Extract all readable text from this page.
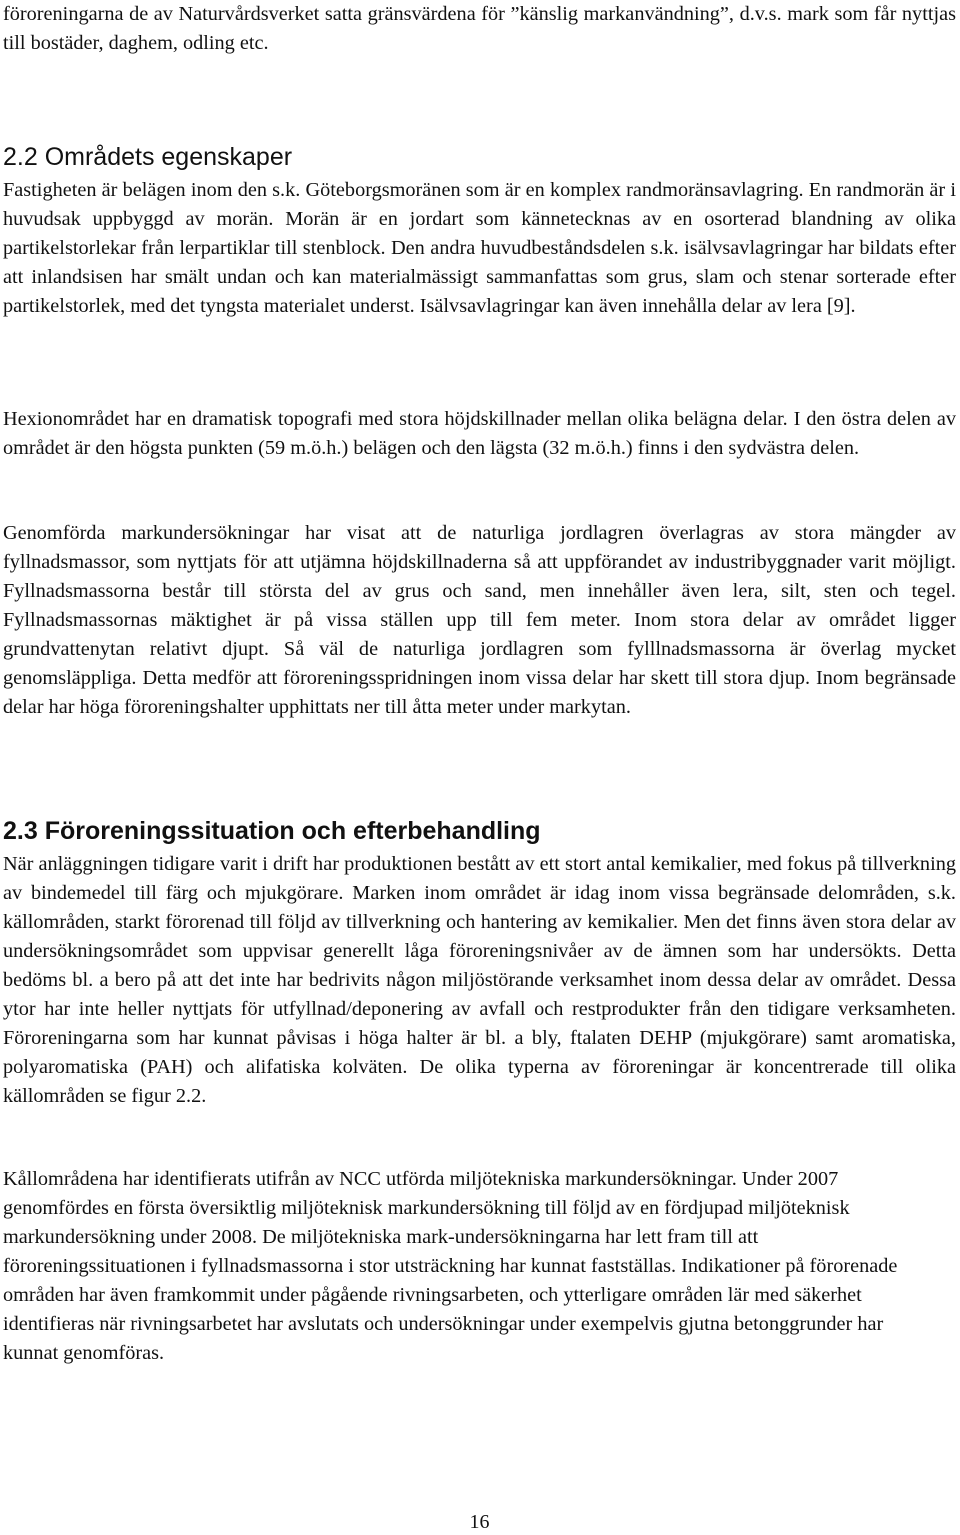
föroreningarna de av Naturvårdsverket satta gränsvärdena för ”känslig markanvändning”, d.v.s. mark som får nyttjas till bostäder, daghem, odling etc.

2.2 Områdets egenskaper

Fastigheten är belägen inom den s.k. Göteborgsmoränen som är en komplex randmoränsavlagring. En randmorän är i huvudsak uppbyggd av morän. Morän är en jordart som kännetecknas av en osorterad blandning av olika partikelstorlekar från lerpartiklar till stenblock. Den andra huvudbeståndsdelen s.k. isälvsavlagringar har bildats efter att inlandsisen har smält undan och kan materialmässigt sammanfattas som grus, slam och stenar sorterade efter partikelstorlek, med det tyngsta materialet underst. Isälvsavlagringar kan även innehålla delar av lera [9].

Hexionområdet har en dramatisk topografi med stora höjdskillnader mellan olika belägna delar. I den östra delen av området är den högsta punkten (59 m.ö.h.) belägen och den lägsta (32 m.ö.h.) finns i den sydvästra delen.

Genomförda markundersökningar har visat att de naturliga jordlagren överlagras av stora mängder av fyllnadsmassor, som nyttjats för att utjämna höjdskillnaderna så att uppförandet av industribyggnader varit möjligt. Fyllnadsmassorna består till största del av grus och sand, men innehåller även lera, silt, sten och tegel. Fyllnadsmassornas mäktighet är på vissa ställen upp till fem meter. Inom stora delar av området ligger grundvattenytan relativt djupt. Så väl de naturliga jordlagren som fylllnadsmassorna är överlag mycket genomsläppliga. Detta medför att föroreningsspridningen inom vissa delar har skett till stora djup. Inom begränsade delar har höga föroreningshalter upphittats ner till åtta meter under markytan.

2.3 Föroreningssituation och efterbehandling

När anläggningen tidigare varit i drift har produktionen bestått av ett stort antal kemikalier, med fokus på tillverkning av bindemedel till färg och mjukgörare. Marken inom området är idag inom vissa begränsade delområden, s.k. källområden, starkt förorenad till följd av tillverkning och hantering av kemikalier. Men det finns även stora delar av undersökningsområdet som uppvisar generellt låga föroreningsnivåer av de ämnen som har undersökts. Detta bedöms bl. a bero på att det inte har bedrivits någon miljöstörande verksamhet inom dessa delar av området. Dessa ytor har inte heller nyttjats för utfyllnad/deponering av avfall och restprodukter från den tidigare verksamheten. Föroreningarna som har kunnat påvisas i höga halter är bl. a bly, ftalaten DEHP (mjukgörare) samt aromatiska, polyaromatiska (PAH) och alifatiska kolväten. De olika typerna av föroreningar är koncentrerade till olika källområden se figur 2.2.

Kållområdena har identifierats utifrån av NCC utförda miljötekniska markundersökningar. Under 2007 genomfördes en första översiktlig miljöteknisk markundersökning till följd av en fördjupad miljöteknisk markundersökning under 2008. De miljötekniska mark-undersökningarna har lett fram till att föroreningssituationen i fyllnadsmassorna i stor utsträckning har kunnat fastställas. Indikationer på förorenade områden har även framkommit under pågående rivningsarbeten, och ytterligare områden lär med säkerhet identifieras när rivningsarbetet har avslutats och undersökningar under exempelvis gjutna betonggrunder har kunnat genomföras.

16
